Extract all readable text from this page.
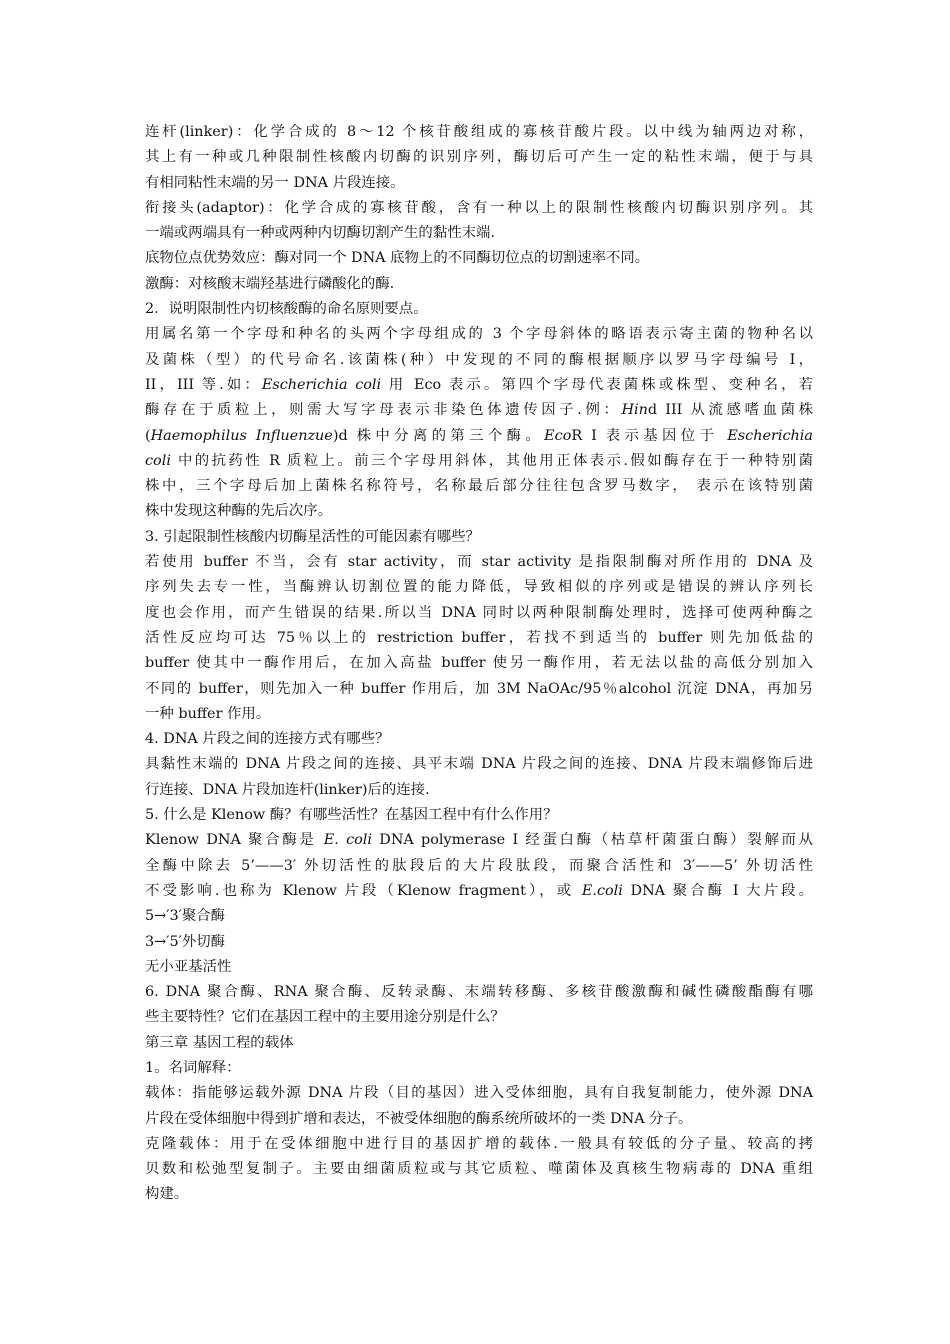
连杆(linker)：化学合成的 8～12 个核苷酸组成的寡核苷酸片段。以中线为轴两边对称，
其上有一种或几种限制性核酸内切酶的识别序列，酶切后可产生一定的粘性末端，便于与具
有相同粘性末端的另一 DNA 片段连接。
衔接头(adaptor)：化学合成的寡核苷酸，含有一种以上的限制性核酸内切酶识别序列。其
一端或两端具有一种或两种内切酶切割产生的黏性末端.
底物位点优势效应：酶对同一个 DNA 底物上的不同酶切位点的切割速率不同。
激酶：对核酸末端羟基进行磷酸化的酶.
2．说明限制性内切核酸酶的命名原则要点。
用属名第一个字母和种名的头两个字母组成的 3 个字母斜体的略语表示寄主菌的物种名以
及菌株（型）的代号命名.该菌株(种）中发现的不同的酶根据顺序以罗马字母编号 I，
II，III 等.如：Escherichia coli 用 Eco 表示。第四个字母代表菌株或株型、变种名，若
酶存在于质粒上，则需大写字母表示非染色体遗传因子.例：Hind III 从流感嗜血菌株
(Haemophilus Influenzue)d 株中分离的第三个酶。EcoR I 表示基因位于 Escherichia
coli 中的抗药性 R 质粒上。前三个字母用斜体，其他用正体表示.假如酶存在于一种特别菌
株中，三个字母后加上菌株名称符号，名称最后部分往往包含罗马数字， 表示在该特别菌
株中发现这种酶的先后次序。
3. 引起限制性核酸内切酶星活性的可能因素有哪些？
若使用 buffer 不当，会有 star activity，而 star activity 是指限制酶对所作用的 DNA 及
序列失去专一性，当酶辨认切割位置的能力降低，导致相似的序列或是错误的辨认序列长
度也会作用，而产生错误的结果.所以当 DNA 同时以两种限制酶处理时，选择可使两种酶之
活性反应均可达 75％以上的 restriction buffer，若找不到适当的 buffer 则先加低盐的
buffer 使其中一酶作用后，在加入高盐 buffer 使另一酶作用，若无法以盐的高低分别加入
不同的 buffer，则先加入一种 buffer 作用后，加 3M NaOAc/95％alcohol 沉淀 DNA，再加另
一种 buffer 作用。
4. DNA 片段之间的连接方式有哪些？
具黏性末端的 DNA 片段之间的连接、具平末端 DNA 片段之间的连接、DNA 片段末端修饰后进
行连接、DNA 片段加连杆(linker)后的连接.
5. 什么是 Klenow 酶？有哪些活性？在基因工程中有什么作用？
Klenow DNA 聚合酶是 E. coli DNA polymerase I 经蛋白酶（枯草杆菌蛋白酶）裂解而从
全酶中除去 5’——3′ 外切活性的肽段后的大片段肽段，而聚合活性和 3′——5’ 外切活性
不受影响.也称为 Klenow 片段（Klenow fragment），或 E.coli DNA 聚合酶 I 大片段。
5→′3′聚合酶
3→′5′外切酶
无小亚基活性
6. DNA 聚合酶、RNA 聚合酶、反转录酶、末端转移酶、多核苷酸激酶和碱性磷酸酯酶有哪
些主要特性？它们在基因工程中的主要用途分别是什么？
第三章 基因工程的载体
1。名词解释：
载体：指能够运载外源 DNA 片段（目的基因）进入受体细胞，具有自我复制能力，使外源 DNA
片段在受体细胞中得到扩增和表达，不被受体细胞的酶系统所破坏的一类 DNA 分子。
克隆载体：用于在受体细胞中进行目的基因扩增的载体.一般具有较低的分子量、较高的拷
贝数和松弛型复制子。主要由细菌质粒或与其它质粒、噬菌体及真核生物病毒的 DNA 重组
构建。
